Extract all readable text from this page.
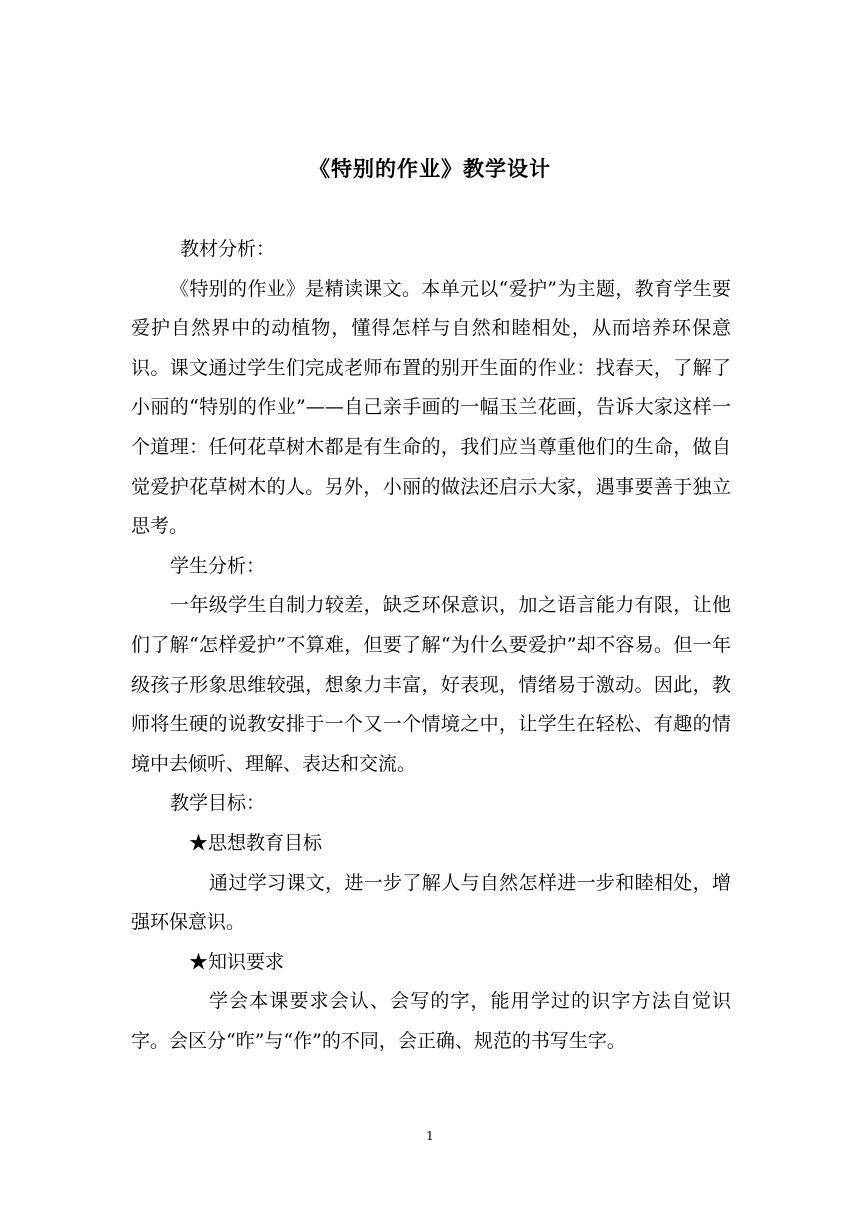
《特别的作业》教学设计

教材分析：

《特别的作业》是精读课文。本单元以“爱护”为主题，教育学生要爱护自然界中的动植物，懂得怎样与自然和睦相处，从而培养环保意识。课文通过学生们完成老师布置的别开生面的作业：找春天，了解了小丽的“特别的作业”——自己亲手画的一幅玉兰花画，告诉大家这样一个道理：任何花草树木都是有生命的，我们应当尊重他们的生命，做自觉爱护花草树木的人。另外，小丽的做法还启示大家，遇事要善于独立思考。

学生分析：

一年级学生自制力较差，缺乏环保意识，加之语言能力有限，让他们了解“怎样爱护”不算难，但要了解“为什么要爱护”却不容易。但一年级孩子形象思维较强，想象力丰富，好表现，情绪易于激动。因此，教师将生硬的说教安排于一个又一个情境之中，让学生在轻松、有趣的情境中去倾听、理解、表达和交流。

教学目标：

★思想教育目标

通过学习课文，进一步了解人与自然怎样进一步和睦相处，增强环保意识。

★知识要求

学会本课要求会认、会写的字，能用学过的识字方法自觉识字。会区分“昨”与“作”的不同，会正确、规范的书写生字。

1
